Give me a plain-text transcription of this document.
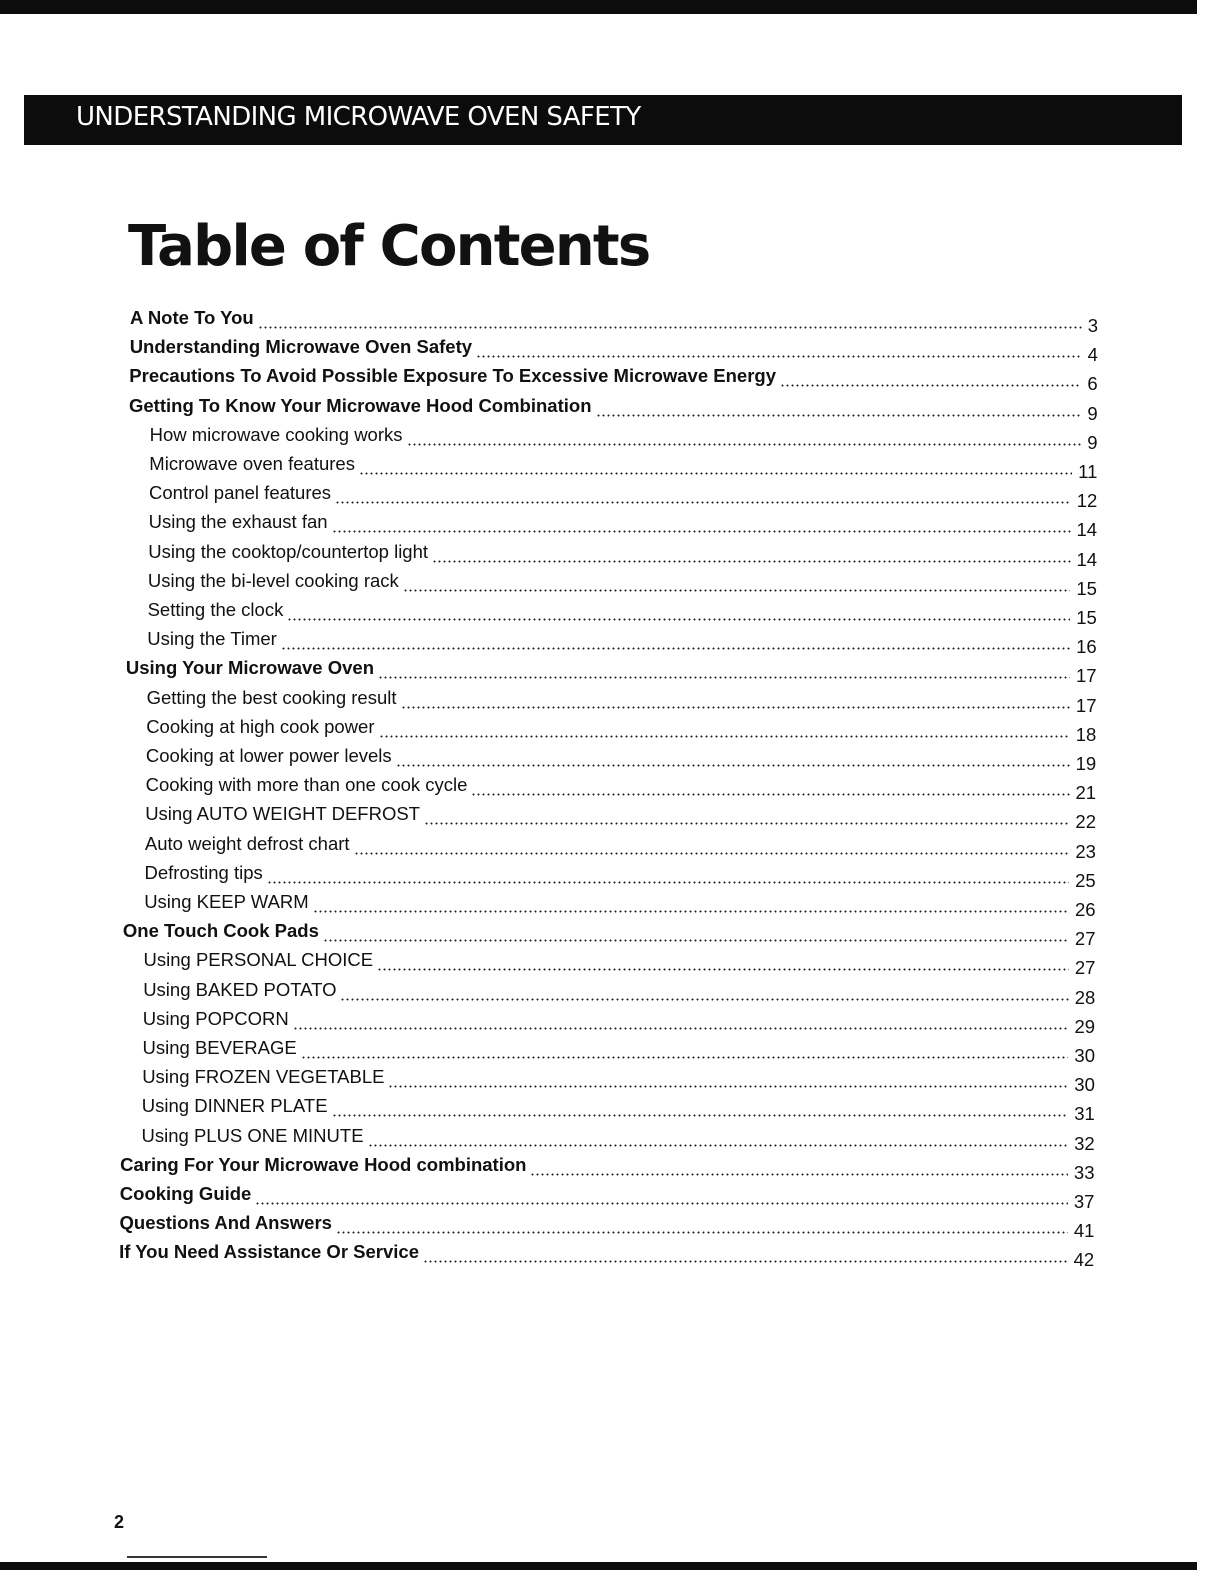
UNDERSTANDING MICROWAVE OVEN SAFETY
Table of Contents
A Note To You	3
Understanding Microwave Oven Safety	4
Precautions To Avoid Possible Exposure To Excessive Microwave Energy	6
Getting To Know Your Microwave Hood Combination	9
How microwave cooking works	9
Microwave oven features	11
Control panel features	12
Using the exhaust fan	14
Using the cooktop/countertop light	14
Using the bi-level cooking rack	15
Setting the clock	15
Using the Timer	16
Using Your Microwave Oven	17
Getting the best cooking result	17
Cooking at high cook power	18
Cooking at lower power levels	19
Cooking with more than one cook cycle	21
Using AUTO WEIGHT DEFROST	22
Auto weight defrost chart	23
Defrosting tips	25
Using KEEP WARM	26
One Touch Cook Pads	27
Using PERSONAL CHOICE	27
Using BAKED POTATO	28
Using POPCORN	29
Using BEVERAGE	30
Using FROZEN VEGETABLE	30
Using DINNER PLATE	31
Using PLUS ONE MINUTE	32
Caring For Your Microwave Hood combination	33
Cooking Guide	37
Questions And Answers	41
If You Need Assistance Or Service	42
2
